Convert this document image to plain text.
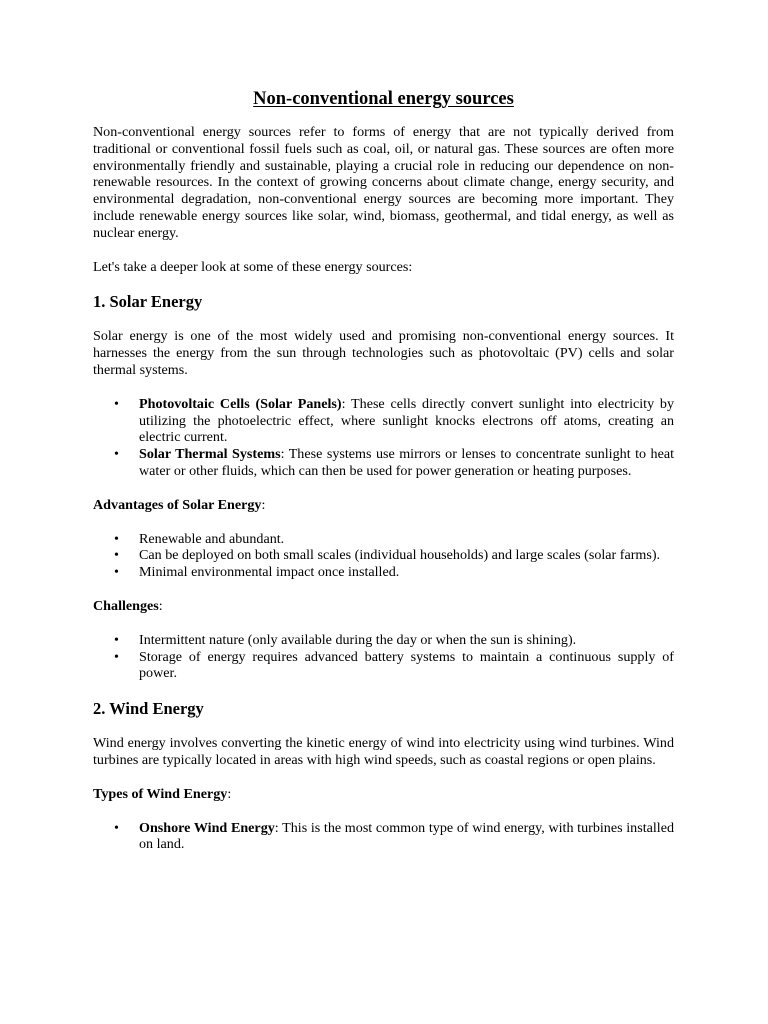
Non-conventional energy sources

Non-conventional energy sources refer to forms of energy that are not typically derived from traditional or conventional fossil fuels such as coal, oil, or natural gas. These sources are often more environmentally friendly and sustainable, playing a crucial role in reducing our dependence on non-renewable resources. In the context of growing concerns about climate change, energy security, and environmental degradation, non-conventional energy sources are becoming more important. They include renewable energy sources like solar, wind, biomass, geothermal, and tidal energy, as well as nuclear energy.

Let's take a deeper look at some of these energy sources:

1. Solar Energy

Solar energy is one of the most widely used and promising non-conventional energy sources. It harnesses the energy from the sun through technologies such as photovoltaic (PV) cells and solar thermal systems.

• Photovoltaic Cells (Solar Panels): These cells directly convert sunlight into electricity by utilizing the photoelectric effect, where sunlight knocks electrons off atoms, creating an electric current.
• Solar Thermal Systems: These systems use mirrors or lenses to concentrate sunlight to heat water or other fluids, which can then be used for power generation or heating purposes.

Advantages of Solar Energy:

• Renewable and abundant.
• Can be deployed on both small scales (individual households) and large scales (solar farms).
• Minimal environmental impact once installed.

Challenges:

• Intermittent nature (only available during the day or when the sun is shining).
• Storage of energy requires advanced battery systems to maintain a continuous supply of power.
2. Wind Energy

Wind energy involves converting the kinetic energy of wind into electricity using wind turbines. Wind turbines are typically located in areas with high wind speeds, such as coastal regions or open plains.

Types of Wind Energy:

• Onshore Wind Energy: This is the most common type of wind energy, with turbines installed on land.
